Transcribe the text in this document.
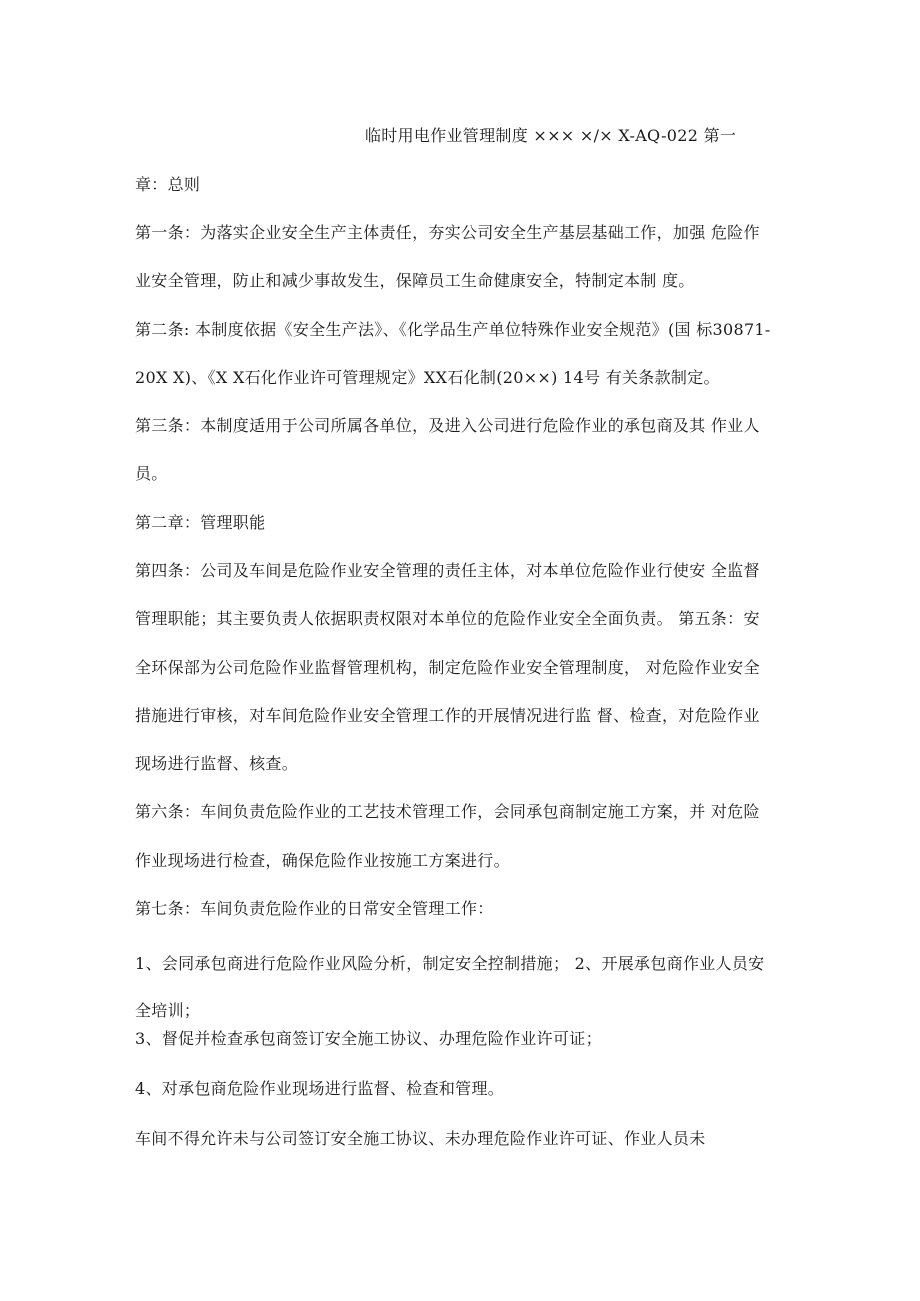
临时用电作业管理制度 ××× ×/× X-AQ-022 第一
章：总则
第一条：为落实企业安全生产主体责任，夯实公司安全生产基层基础工作，加强 危险作
业安全管理，防止和减少事故发生，保障员工生命健康安全，特制定本制 度。
第二条: 本制度依据《安全生产法》、《化学品生产单位特殊作业安全规范》(国 标30871-
20X X)、《X X石化作业许可管理规定》XX石化制(20××) 14号 有关条款制定。
第三条：本制度适用于公司所属各单位，及进入公司进行危险作业的承包商及其 作业人
员。
第二章：管理职能
第四条：公司及车间是危险作业安全管理的责任主体，对本单位危险作业行使安 全监督
管理职能；其主要负责人依据职责权限对本单位的危险作业安全全面负责。 第五条：安
全环保部为公司危险作业监督管理机构，制定危险作业安全管理制度， 对危险作业安全
措施进行审核，对车间危险作业安全管理工作的开展情况进行监 督、检查，对危险作业
现场进行监督、核查。
第六条：车间负责危险作业的工艺技术管理工作，会同承包商制定施工方案，并 对危险
作业现场进行检查，确保危险作业按施工方案进行。
第七条：车间负责危险作业的日常安全管理工作：
1、会同承包商进行危险作业风险分析，制定安全控制措施； 2、开展承包商作业人员安
全培训；
3、督促并检查承包商签订安全施工协议、办理危险作业许可证；
4、对承包商危险作业现场进行监督、检查和管理。
车间不得允许未与公司签订安全施工协议、未办理危险作业许可证、作业人员未
